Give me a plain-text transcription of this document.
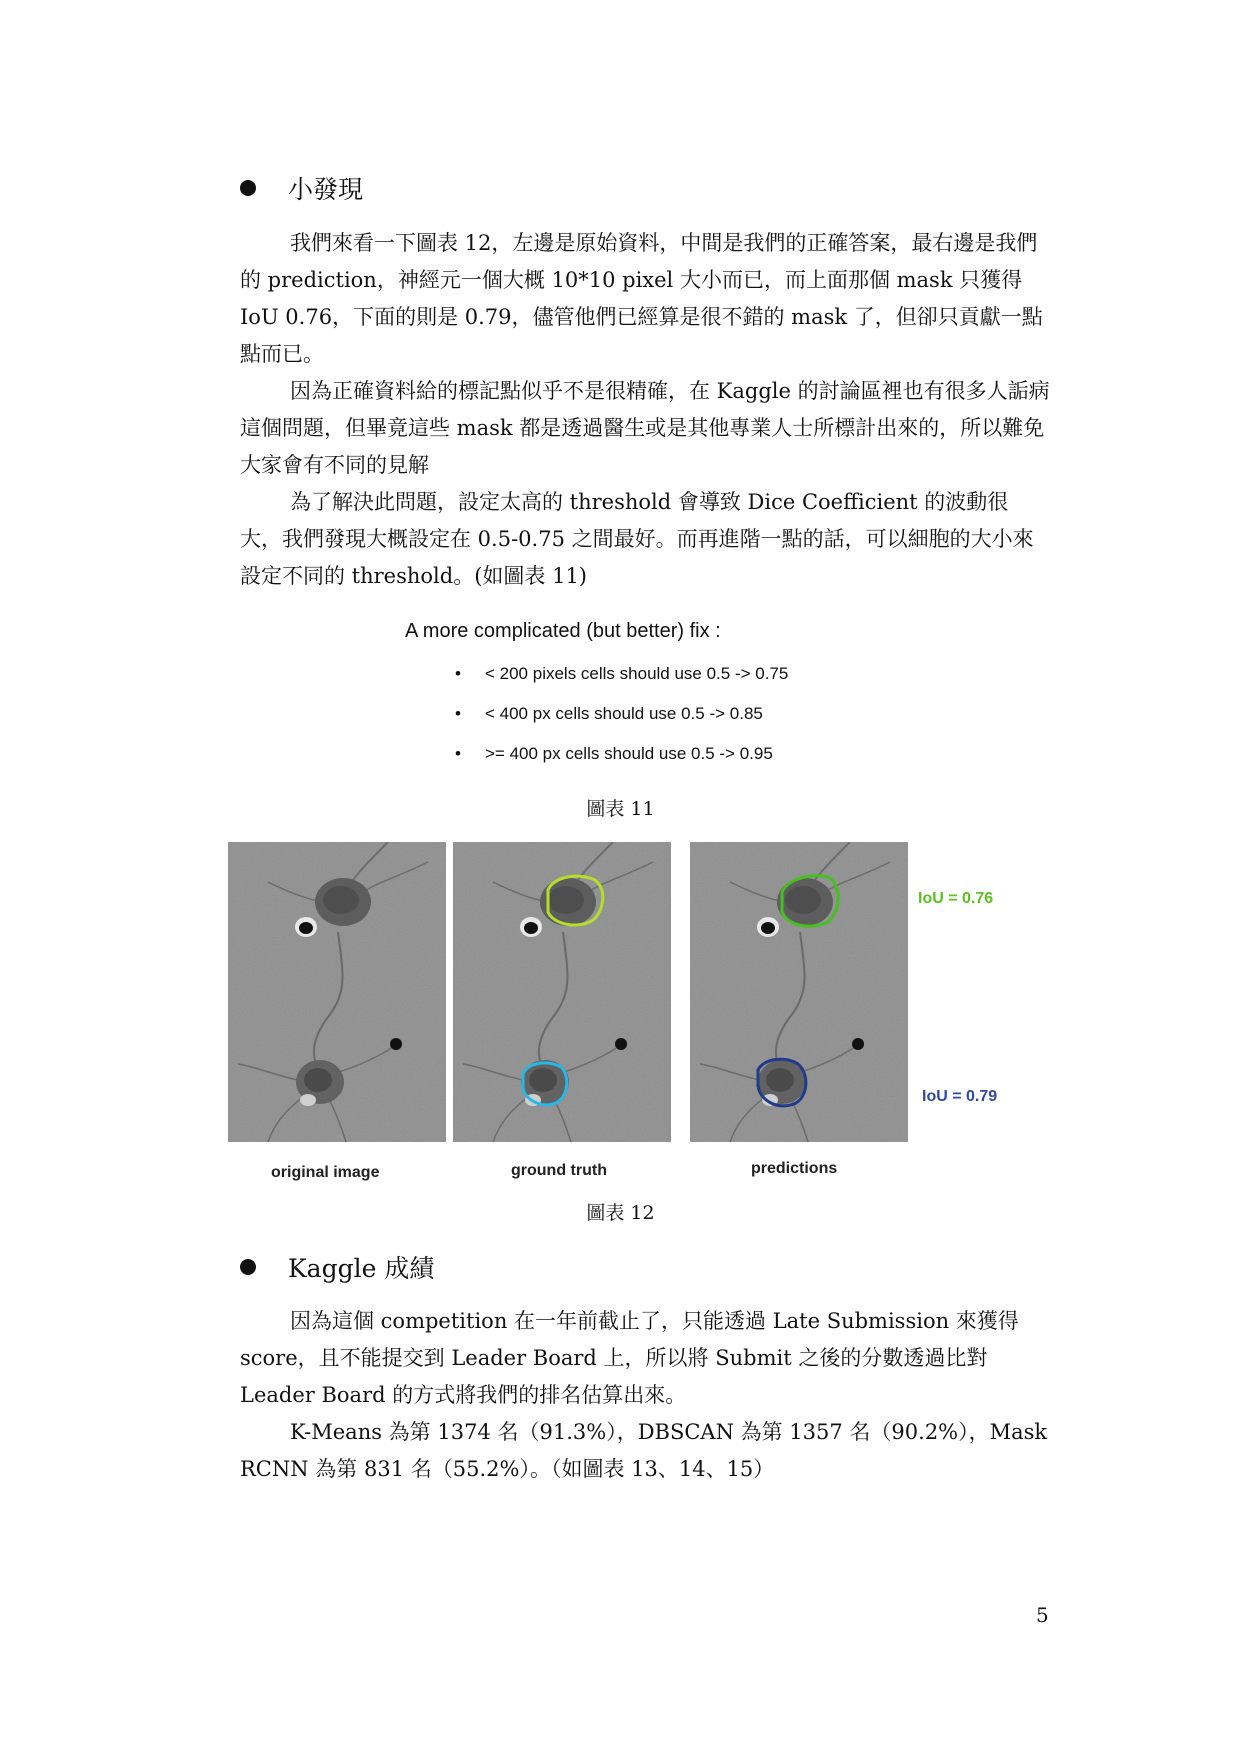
小發現

我們來看一下圖表 12，左邊是原始資料，中間是我們的正確答案，最右邊是我們的 prediction，神經元一個大概 10*10 pixel 大小而已，而上面那個 mask 只獲得 IoU 0.76，下面的則是 0.79，儘管他們已經算是很不錯的 mask 了，但卻只貢獻一點點而已。

因為正確資料給的標記點似乎不是很精確，在 Kaggle 的討論區裡也有很多人詬病這個問題，但畢竟這些 mask 都是透過醫生或是其他專業人士所標計出來的，所以難免大家會有不同的見解

為了解決此問題，設定太高的 threshold 會導致 Dice Coefficient 的波動很大，我們發現大概設定在 0.5-0.75 之間最好。而再進階一點的話，可以細胞的大小來設定不同的 threshold。(如圖表 11)

A more complicated (but better) fix :
•	< 200 pixels cells should use 0.5 -> 0.75
•	< 400 px cells should use 0.5 -> 0.85
•	>= 400 px cells should use 0.5 -> 0.95
圖表 11
IoU = 0.76
IoU = 0.79
original image	ground truth	predictions
圖表 12
Kaggle 成績

因為這個 competition 在一年前截止了，只能透過 Late Submission 來獲得 score，且不能提交到 Leader Board 上，所以將 Submit 之後的分數透過比對 Leader Board 的方式將我們的排名估算出來。

K-Means 為第 1374 名（91.3%），DBSCAN 為第 1357 名（90.2%），Mask RCNN 為第 831 名（55.2%）。（如圖表 13、14、15）

5
